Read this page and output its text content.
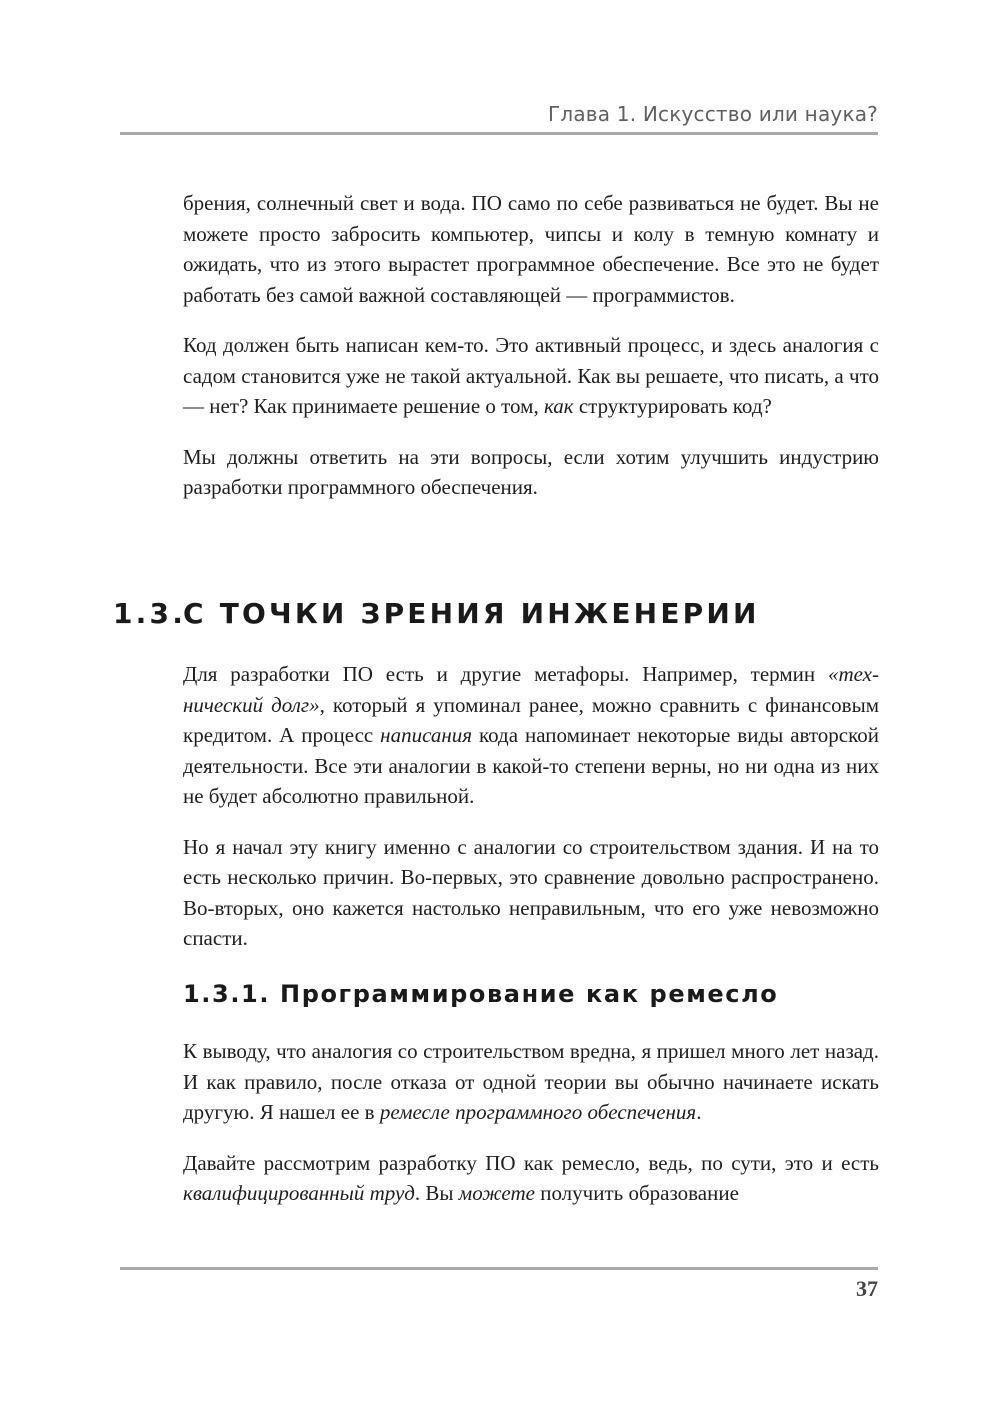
Глава 1. Искусство или наука?

брения, солнечный свет и вода. ПО само по себе развиваться не будет. Вы не можете просто забросить компьютер, чипсы и колу в темную комнату и ожидать, что из этого вырастет программное обеспечение. Все это не будет работать без самой важной составляющей — программистов.

Код должен быть написан кем-то. Это активный процесс, и здесь аналогия с садом становится уже не такой актуальной. Как вы решаете, что писать, а что — нет? Как принимаете решение о том, как структурировать код?

Мы должны ответить на эти вопросы, если хотим улучшить индустрию разработки программного обеспечения.

1.3.С ТОЧКИ ЗРЕНИЯ ИНЖЕНЕРИИ

Для разработки ПО есть и другие метафоры. Например, термин «технический долг», который я упоминал ранее, можно сравнить с финансовым кредитом. А процесс написания кода напоминает некоторые виды авторской деятельности. Все эти аналогии в какой-то степени верны, но ни одна из них не будет абсолютно правильной.

Но я начал эту книгу именно с аналогии со строительством здания. И на то есть несколько причин. Во-первых, это сравнение довольно распространено. Во-вторых, оно кажется настолько неправильным, что его уже невозможно спасти.

1.3.1. Программирование как ремесло

К выводу, что аналогия со строительством вредна, я пришел много лет назад. И как правило, после отказа от одной теории вы обычно начинаете искать другую. Я нашел ее в ремесле программного обеспечения.

Давайте рассмотрим разработку ПО как ремесло, ведь, по сути, это и есть квалифицированный труд. Вы можете получить образование

37
